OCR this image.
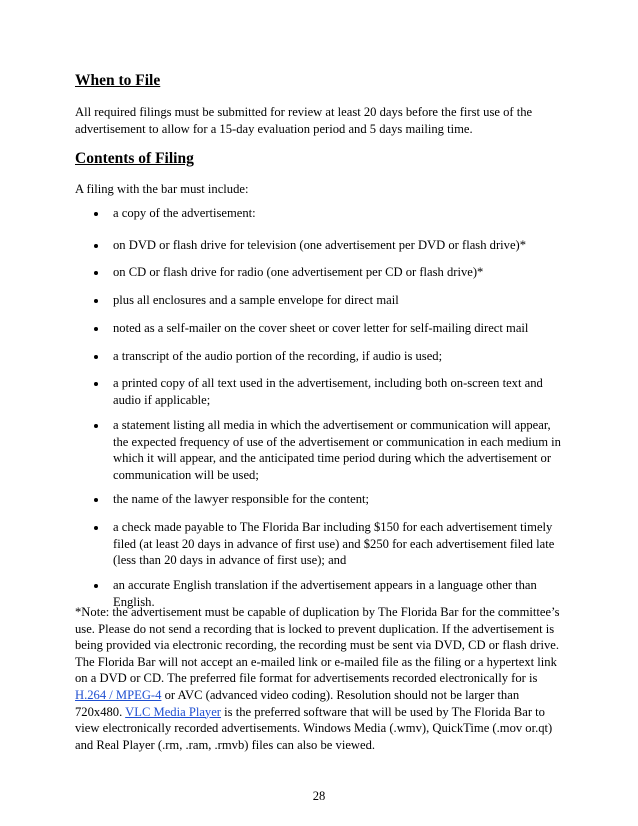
When to File
All required filings must be submitted for review at least 20 days before the first use of the
advertisement to allow for a 15-day evaluation period and 5 days mailing time.
Contents of Filing
A filing with the bar must include:
a copy of the advertisement:
on DVD or flash drive for television (one advertisement per DVD or flash drive)*
on CD or flash drive for radio (one advertisement per CD or flash drive)*
plus all enclosures and a sample envelope for direct mail
noted as a self-mailer on the cover sheet or cover letter for self-mailing direct mail
a transcript of the audio portion of the recording, if audio is used;
a printed copy of all text used in the advertisement, including both on-screen text and
audio if applicable;
a statement listing all media in which the advertisement or communication will appear,
the expected frequency of use of the advertisement or communication in each medium in
which it will appear, and the anticipated time period during which the advertisement or
communication will be used;
the name of the lawyer responsible for the content;
a check made payable to The Florida Bar including $150 for each advertisement timely
filed (at least 20 days in advance of first use) and $250 for each advertisement filed late
(less than 20 days in advance of first use); and
an accurate English translation if the advertisement appears in a language other than
English.
*Note: the advertisement must be capable of duplication by The Florida Bar for the committee’s
use. Please do not send a recording that is locked to prevent duplication. If the advertisement is
being provided via electronic recording, the recording must be sent via DVD, CD or flash drive.
The Florida Bar will not accept an e-mailed link or e-mailed file as the filing or a hypertext link
on a DVD or CD. The preferred file format for advertisements recorded electronically for is
H.264 / MPEG-4 or AVC (advanced video coding). Resolution should not be larger than
720x480. VLC Media Player is the preferred software that will be used by The Florida Bar to
view electronically recorded advertisements. Windows Media (.wmv), QuickTime (.mov or.qt)
and Real Player (.rm, .ram, .rmvb) files can also be viewed.
28
